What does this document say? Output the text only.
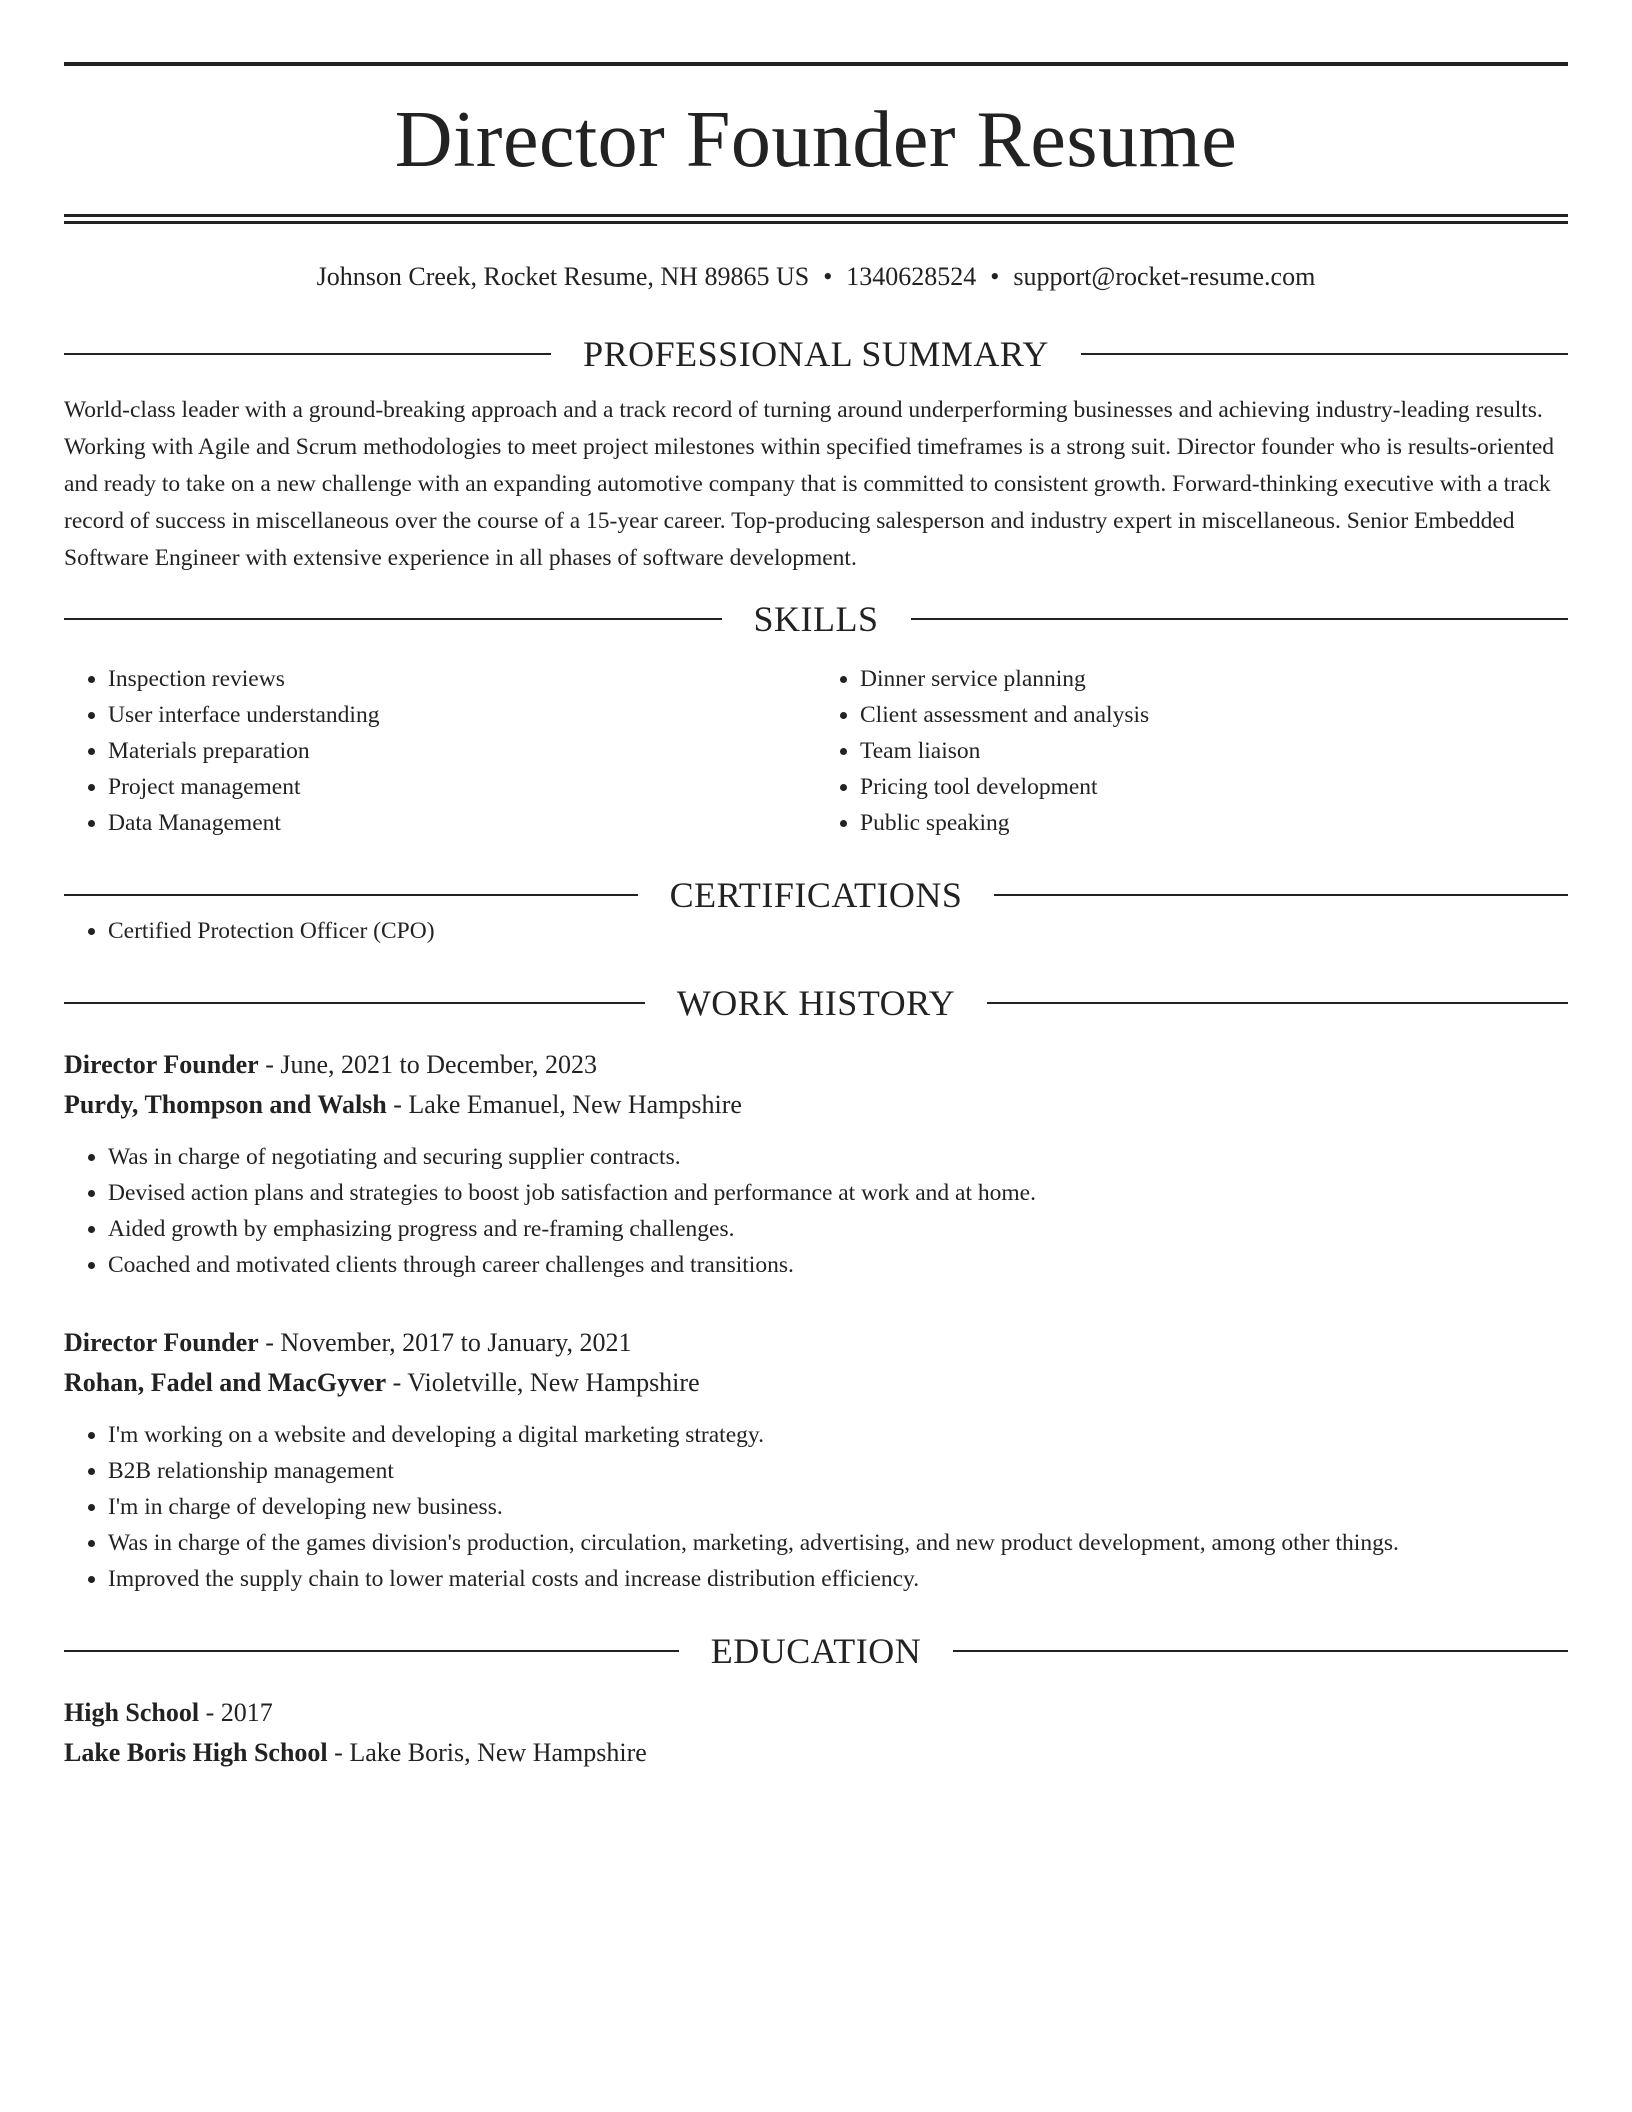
Director Founder Resume
Johnson Creek, Rocket Resume, NH 89865 US • 1340628524 • support@rocket-resume.com
PROFESSIONAL SUMMARY

World-class leader with a ground-breaking approach and a track record of turning around underperforming businesses and achieving industry-leading results. Working with Agile and Scrum methodologies to meet project milestones within specified timeframes is a strong suit. Director founder who is results-oriented and ready to take on a new challenge with an expanding automotive company that is committed to consistent growth. Forward-thinking executive with a track record of success in miscellaneous over the course of a 15-year career. Top-producing salesperson and industry expert in miscellaneous. Senior Embedded Software Engineer with extensive experience in all phases of software development.

SKILLS
• Inspection reviews
• User interface understanding
• Materials preparation
• Project management
• Data Management
• Dinner service planning
• Client assessment and analysis
• Team liaison
• Pricing tool development
• Public speaking
CERTIFICATIONS
• Certified Protection Officer (CPO)
WORK HISTORY
Director Founder - June, 2021 to December, 2023
Purdy, Thompson and Walsh - Lake Emanuel, New Hampshire
• Was in charge of negotiating and securing supplier contracts.
• Devised action plans and strategies to boost job satisfaction and performance at work and at home.
• Aided growth by emphasizing progress and re-framing challenges.
• Coached and motivated clients through career challenges and transitions.
Director Founder - November, 2017 to January, 2021
Rohan, Fadel and MacGyver - Violetville, New Hampshire
• I'm working on a website and developing a digital marketing strategy.
• B2B relationship management
• I'm in charge of developing new business.
• Was in charge of the games division's production, circulation, marketing, advertising, and new product development, among other things.
• Improved the supply chain to lower material costs and increase distribution efficiency.
EDUCATION
High School - 2017
Lake Boris High School - Lake Boris, New Hampshire
